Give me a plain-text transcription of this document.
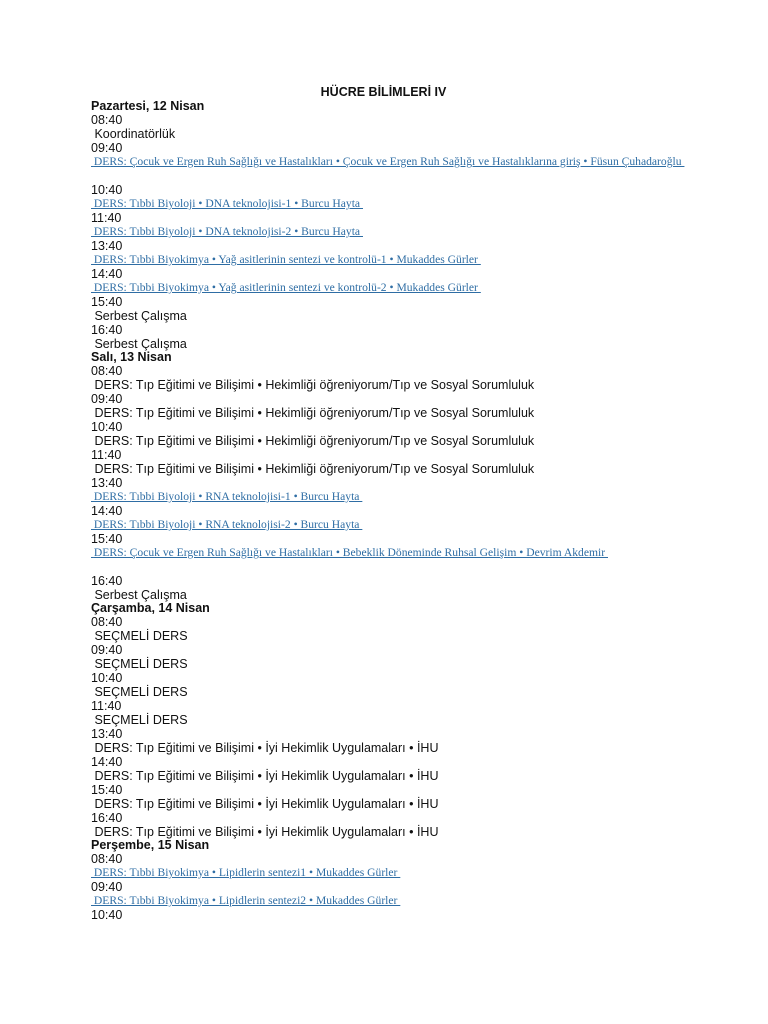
HÜCRE BİLİMLERİ IV
Pazartesi, 12 Nisan
08:40
Koordinatörlük
09:40
DERS: Çocuk ve Ergen Ruh Sağlığı ve Hastalıkları • Çocuk ve Ergen Ruh Sağlığı ve Hastalıklarına giriş • Füsun Çuhadaroğlu
10:40
DERS: Tıbbi Biyoloji • DNA teknolojisi-1 • Burcu Hayta
11:40
DERS: Tıbbi Biyoloji • DNA teknolojisi-2 • Burcu Hayta
13:40
DERS: Tıbbi Biyokimya • Yağ asitlerinin sentezi ve kontrolü-1 • Mukaddes Gürler
14:40
DERS: Tıbbi Biyokimya • Yağ asitlerinin sentezi ve kontrolü-2 • Mukaddes Gürler
15:40
Serbest Çalışma
16:40
Serbest Çalışma
Salı, 13 Nisan
08:40
DERS: Tıp Eğitimi ve Bilişimi • Hekimliği öğreniyorum/Tıp ve Sosyal Sorumluluk
09:40
DERS: Tıp Eğitimi ve Bilişimi • Hekimliği öğreniyorum/Tıp ve Sosyal Sorumluluk
10:40
DERS: Tıp Eğitimi ve Bilişimi • Hekimliği öğreniyorum/Tıp ve Sosyal Sorumluluk
11:40
DERS: Tıp Eğitimi ve Bilişimi • Hekimliği öğreniyorum/Tıp ve Sosyal Sorumluluk
13:40
DERS: Tıbbi Biyoloji • RNA teknolojisi-1 • Burcu Hayta
14:40
DERS: Tıbbi Biyoloji • RNA teknolojisi-2 • Burcu Hayta
15:40
DERS: Çocuk ve Ergen Ruh Sağlığı ve Hastalıkları • Bebeklik Döneminde Ruhsal Gelişim • Devrim Akdemir
16:40
Serbest Çalışma
Çarşamba, 14 Nisan
08:40
SEÇMELİ DERS
09:40
SEÇMELİ DERS
10:40
SEÇMELİ DERS
11:40
SEÇMELİ DERS
13:40
DERS: Tıp Eğitimi ve Bilişimi • İyi Hekimlik Uygulamaları • İHU
14:40
DERS: Tıp Eğitimi ve Bilişimi • İyi Hekimlik Uygulamaları • İHU
15:40
DERS: Tıp Eğitimi ve Bilişimi • İyi Hekimlik Uygulamaları • İHU
16:40
DERS: Tıp Eğitimi ve Bilişimi • İyi Hekimlik Uygulamaları • İHU
Perşembe, 15 Nisan
08:40
DERS: Tıbbi Biyokimya • Lipidlerin sentezi1 • Mukaddes Gürler
09:40
DERS: Tıbbi Biyokimya • Lipidlerin sentezi2 • Mukaddes Gürler
10:40
